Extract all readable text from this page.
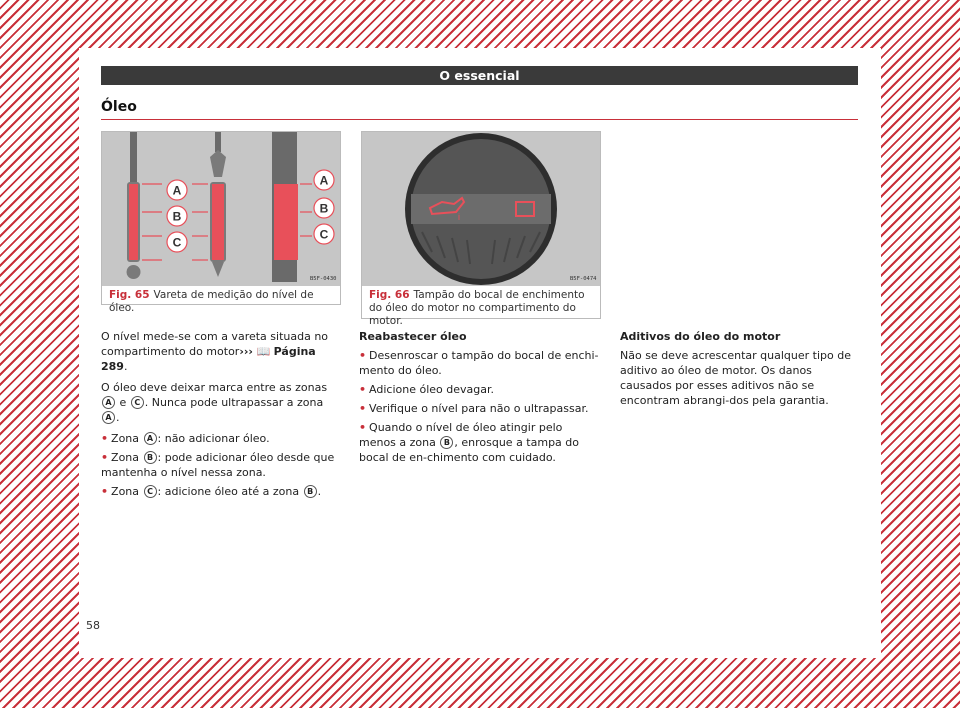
O essencial
Óleo
A
B
C
A
B
C
B5F-0430
Fig. 65 Vareta de medição do nível de óleo.
i
B5F-0474
Fig. 66 Tampão do bocal de enchimento do óleo do motor no compartimento do motor.

O nível mede-se com a vareta situada no compartimento do motor››› 📖 Página 289.

O óleo deve deixar marca entre as zonas A e C . Nunca pode ultrapassar a zona A .

• Zona A : não adicionar óleo.
• Zona B : pode adicionar óleo desde que mantenha o nível nessa zona.
• Zona C : adicione óleo até a zona B .
Reabastecer óleo
• Desenroscar o tampão do bocal de enchi-mento do óleo.
• Adicione óleo devagar.
• Verifique o nível para não o ultrapassar.
• Quando o nível de óleo atingir pelo menos a zona B , enrosque a tampa do bocal de en-chimento com cuidado.
Aditivos do óleo do motor

Não se deve acrescentar qualquer tipo de aditivo ao óleo de motor. Os danos causados por esses aditivos não se encontram abrangi-dos pela garantia.

58
